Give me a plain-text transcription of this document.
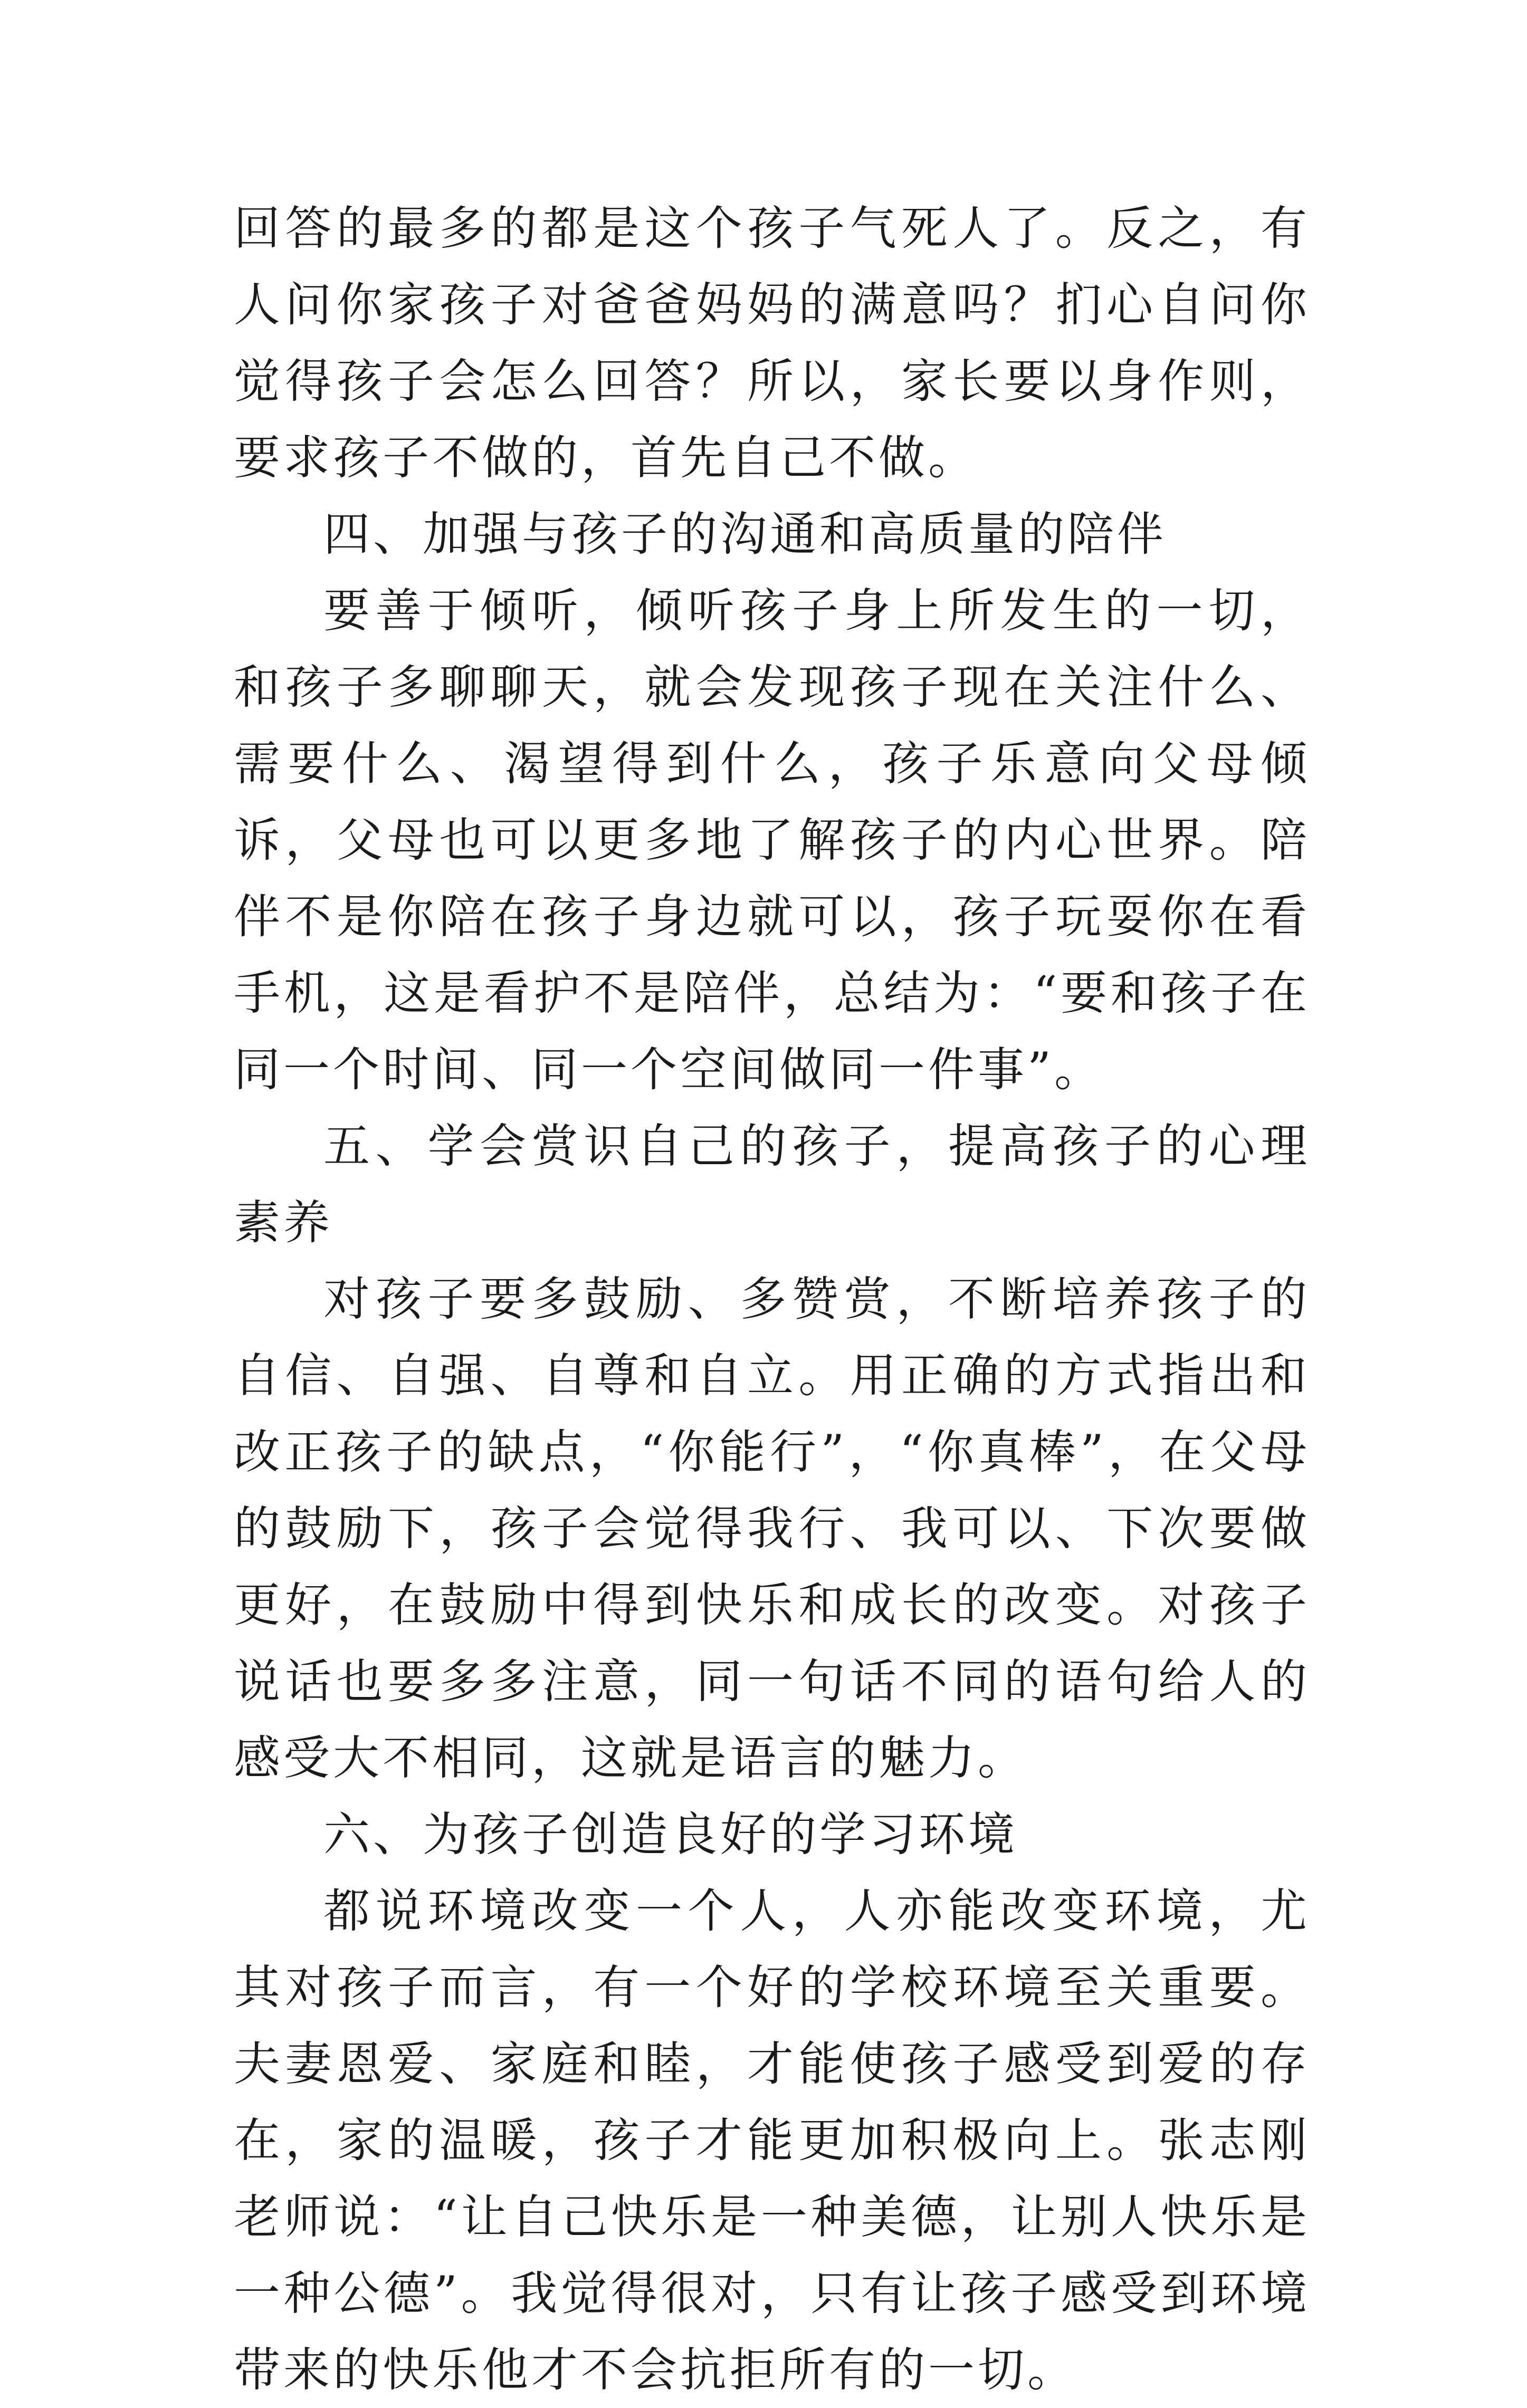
回答的最多的都是这个孩子气死人了。反之，有人问你家孩子对爸爸妈妈的满意吗？扪心自问你觉得孩子会怎么回答？所以，家长要以身作则，要求孩子不做的，首先自己不做。

四、加强与孩子的沟通和高质量的陪伴

要善于倾听，倾听孩子身上所发生的一切，和孩子多聊聊天，就会发现孩子现在关注什么、需要什么、渴望得到什么，孩子乐意向父母倾诉，父母也可以更多地了解孩子的内心世界。陪伴不是你陪在孩子身边就可以，孩子玩耍你在看手机，这是看护不是陪伴，总结为：“要和孩子在同一个时间、同一个空间做同一件事”。

五、学会赏识自己的孩子，提高孩子的心理素养

对孩子要多鼓励、多赞赏，不断培养孩子的自信、自强、自尊和自立。用正确的方式指出和改正孩子的缺点，“你能行”，“你真棒”，在父母的鼓励下，孩子会觉得我行、我可以、下次要做更好，在鼓励中得到快乐和成长的改变。对孩子说话也要多多注意，同一句话不同的语句给人的感受大不相同，这就是语言的魅力。

六、为孩子创造良好的学习环境

都说环境改变一个人，人亦能改变环境，尤其对孩子而言，有一个好的学校环境至关重要。夫妻恩爱、家庭和睦，才能使孩子感受到爱的存在，家的温暖，孩子才能更加积极向上。张志刚老师说：“让自己快乐是一种美德，让别人快乐是一种公德”。我觉得很对，只有让孩子感受到环境带来的快乐他才不会抗拒所有的一切。
